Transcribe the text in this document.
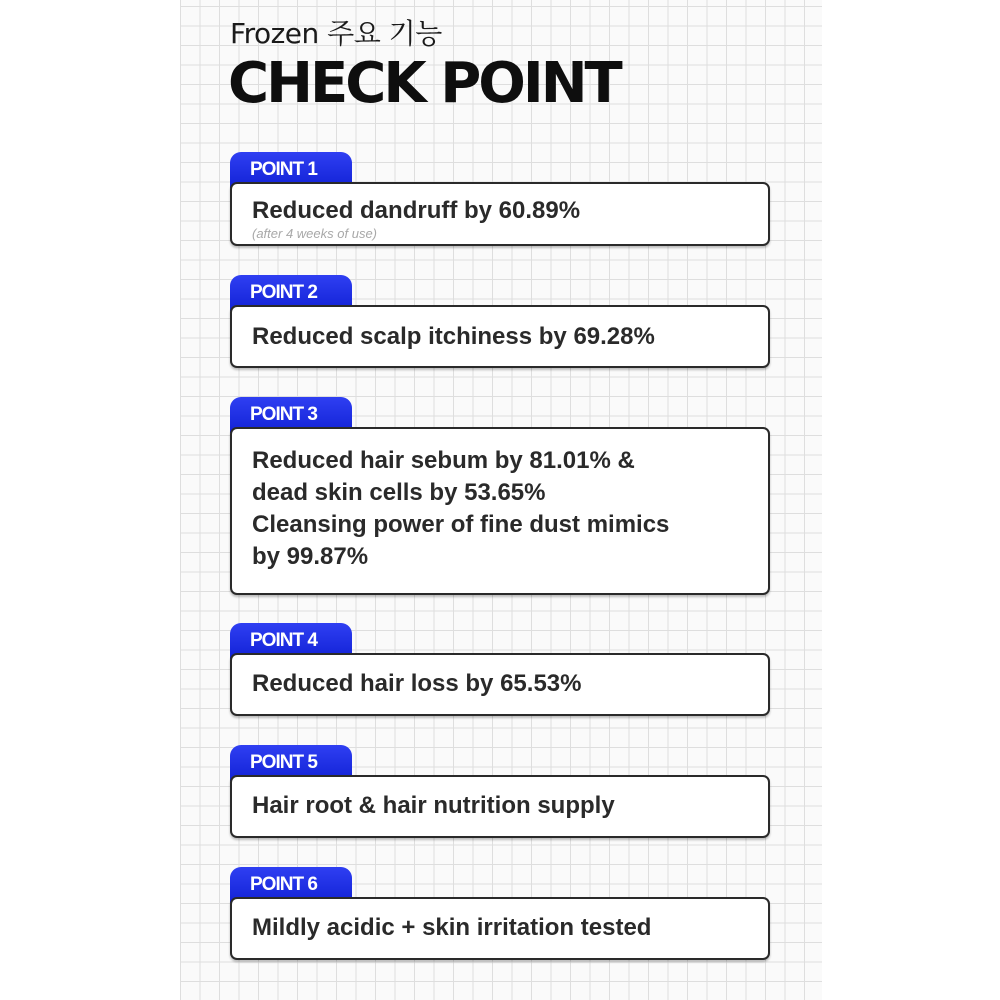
Frozen 주요 기능
CHECK POINT
POINT 1

Reduced dandruff by 60.89%

(after 4 weeks of use)

POINT 2

Reduced scalp itchiness by 69.28%

POINT 3

Reduced hair sebum by 81.01% &

dead skin cells by 53.65%

Cleansing power of fine dust mimics

by 99.87%

POINT 4

Reduced hair loss by 65.53%

POINT 5

Hair root & hair nutrition supply

POINT 6

Mildly acidic + skin irritation tested
